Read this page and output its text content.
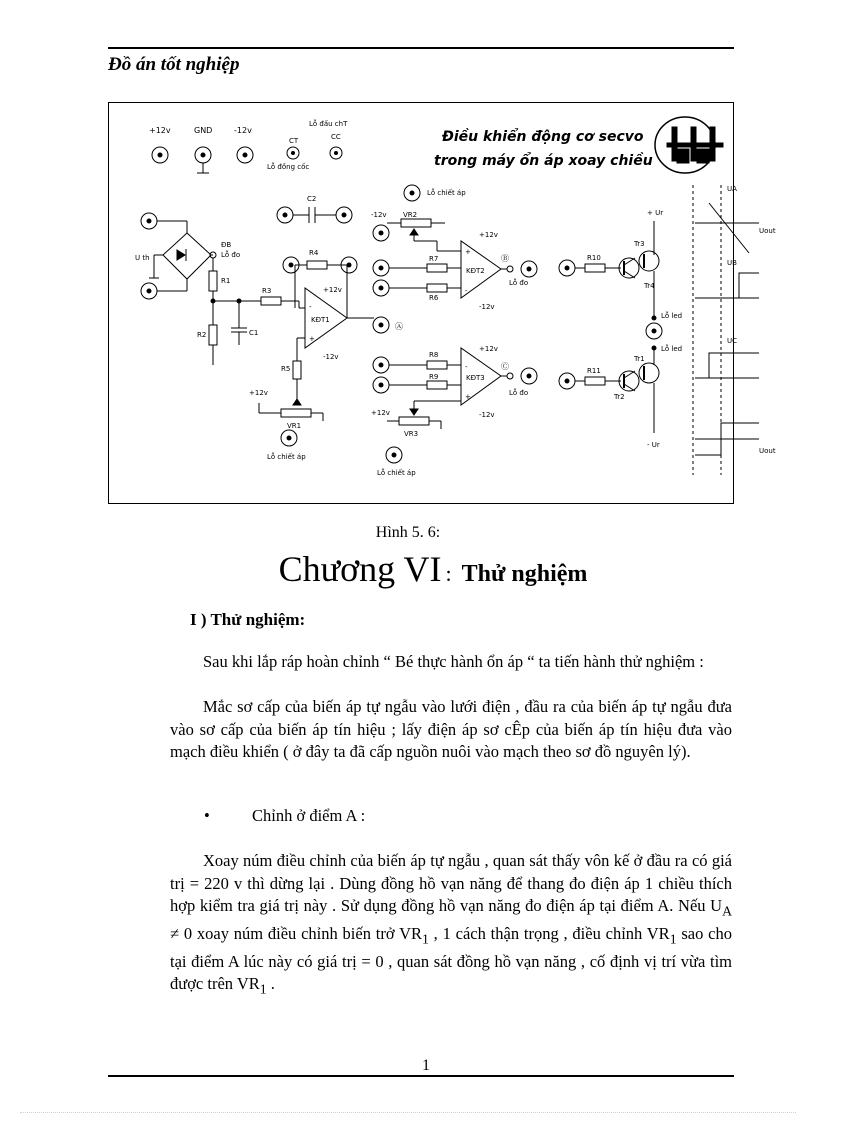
Đồ án tốt nghiệp
Điều khiển động cơ secvo
trong máy ổn áp xoay chiều
+12v	GND	-12v
CT
Lỗ đấu chT
CC
Lỗ đồng cốc
U th
ĐB
Lỗ đo
R1
R2
R3
C1
-
+
KĐT1
+12v
-12v
Ⓐ
R4
R5
+12v
VR1
Lỗ chiết áp
C2
Lỗ chiết áp
-12v VR2
R7
R6
+
-
KĐT2
+12v
-12v
Ⓑ
Lỗ đo
R8
R9
-
+
KĐT3
+12v
-12v
Ⓒ
Lỗ đo
+12v
VR3
Lỗ chiết áp
+ Ur
R10
Tr3
Tr4
Lỗ led
Lỗ led
R11
Tr1
Tr2
- Ur
UA
Uout
UB
UC
Uout
Hình 5. 6:
Chương VI : Thử nghiệm
I ) Thử nghiệm:

Sau khi lắp ráp hoàn chỉnh “ Bé thực hành ổn áp “ ta tiến hành thử nghiệm :

Mắc sơ cấp của biến áp tự ngẫu vào lưới điện , đầu ra của biến áp tự ngẫu đưa vào sơ cấp của biến áp tín hiệu ; lấy điện áp sơ cÊp của biến áp tín hiệu đưa vào mạch điều khiển ( ở đây ta đã cấp nguồn nuôi vào mạch theo sơ đồ nguyên lý).

•	Chỉnh ở điểm A :

Xoay núm điều chỉnh của biến áp tự ngẫu , quan sát thấy vôn kế ở đầu ra có giá trị = 220 v thì dừng lại . Dùng đồng hồ vạn năng để thang đo điện áp 1 chiều thích hợp kiểm tra giá trị này . Sử dụng đồng hồ vạn năng đo điện áp tại điểm A. Nếu $U_A \ne 0$ xoay núm điều chỉnh biến trở $VR_1$ , 1 cách thận trọng , điều chỉnh $VR_1$ sao cho tại điểm A lúc này có giá trị = 0 , quan sát đồng hồ vạn năng , cố định vị trí vừa tìm được trên $VR_1$ .

1
